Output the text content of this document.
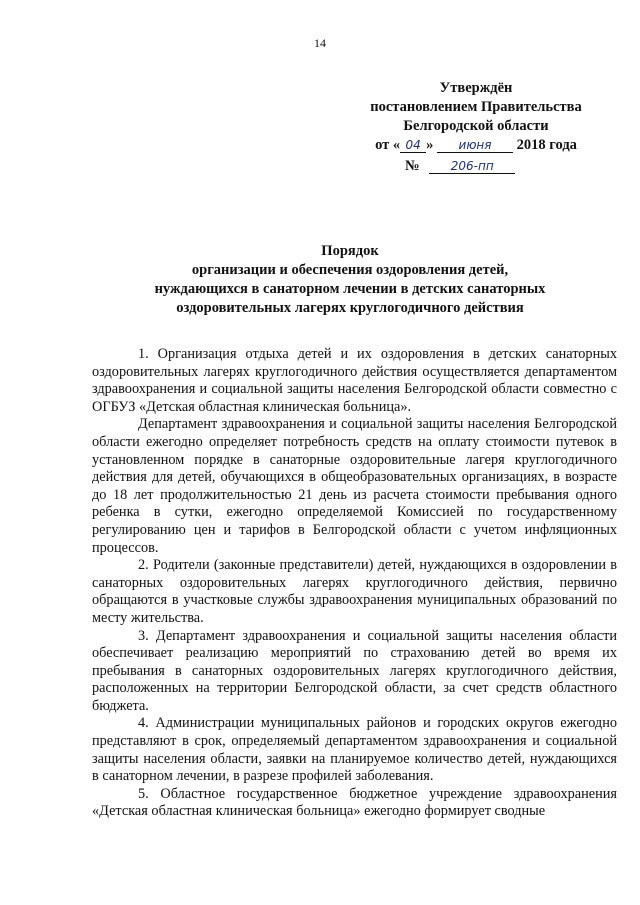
14
Утверждён
постановлением Правительства
Белгородской области
от « 04 » июня 2018 года
№	206-пп
Порядок
организации и обеспечения оздоровления детей,
нуждающихся в санаторном лечении в детских санаторных
оздоровительных лагерях круглогодичного действия

1. Организация отдыха детей и их оздоровления в детских санаторных оздоровительных лагерях круглогодичного действия осуществляется департаментом здравоохранения и социальной защиты населения Белгородской области совместно с ОГБУЗ «Детская областная клиническая больница».

Департамент здравоохранения и социальной защиты населения Белгородской области ежегодно определяет потребность средств на оплату стоимости путевок в установленном порядке в санаторные оздоровительные лагеря круглогодичного действия для детей, обучающихся в общеобразовательных организациях, в возрасте до 18 лет продолжительностью 21 день из расчета стоимости пребывания одного ребенка в сутки, ежегодно определяемой Комиссией по государственному регулированию цен и тарифов в Белгородской области с учетом инфляционных процессов.

2. Родители (законные представители) детей, нуждающихся в оздоровлении в санаторных оздоровительных лагерях круглогодичного действия, первично обращаются в участковые службы здравоохранения муниципальных образований по месту жительства.

3. Департамент здравоохранения и социальной защиты населения области обеспечивает реализацию мероприятий по страхованию детей во время их пребывания в санаторных оздоровительных лагерях круглогодичного действия, расположенных на территории Белгородской области, за счет средств областного бюджета.

4. Администрации муниципальных районов и городских округов ежегодно представляют в срок, определяемый департаментом здравоохранения и социальной защиты населения области, заявки на планируемое количество детей, нуждающихся в санаторном лечении, в разрезе профилей заболевания.

5. Областное государственное бюджетное учреждение здравоохранения «Детская областная клиническая больница» ежегодно формирует сводные
